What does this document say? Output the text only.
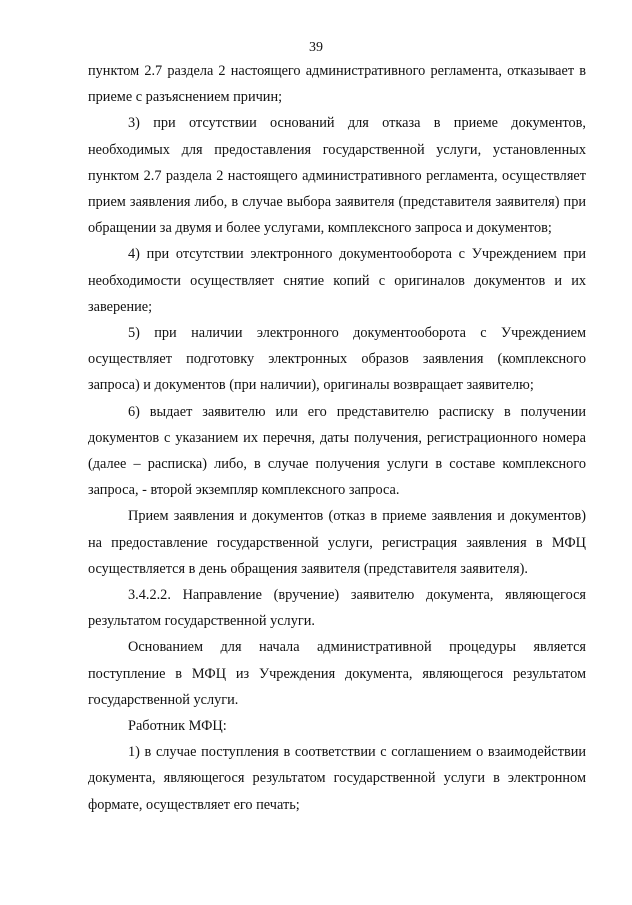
39

пунктом 2.7 раздела 2 настоящего административного регламента, отказывает в приеме с разъяснением причин;

3) при отсутствии оснований для отказа в приеме документов, необходимых для предоставления государственной услуги, установленных пунктом 2.7 раздела 2 настоящего административного регламента, осуществляет прием заявления либо, в случае выбора заявителя (представителя заявителя) при обращении за двумя и более услугами, комплексного запроса и документов;

4) при отсутствии электронного документооборота с Учреждением при необходимости осуществляет снятие копий с оригиналов документов и их заверение;

5) при наличии электронного документооборота с Учреждением осуществляет подготовку электронных образов заявления (комплексного запроса) и документов (при наличии), оригиналы возвращает заявителю;

6) выдает заявителю или его представителю расписку в получении документов с указанием их перечня, даты получения, регистрационного номера (далее – расписка) либо, в случае получения услуги в составе комплексного запроса, - второй экземпляр комплексного запроса.

Прием заявления и документов (отказ в приеме заявления и документов) на предоставление государственной услуги, регистрация заявления в МФЦ осуществляется в день обращения заявителя (представителя заявителя).

3.4.2.2. Направление (вручение) заявителю документа, являющегося результатом государственной услуги.

Основанием для начала административной процедуры является поступление в МФЦ из Учреждения документа, являющегося результатом государственной услуги.

Работник МФЦ:

1) в случае поступления в соответствии с соглашением о взаимодействии документа, являющегося результатом государственной услуги в электронном формате, осуществляет его печать;
